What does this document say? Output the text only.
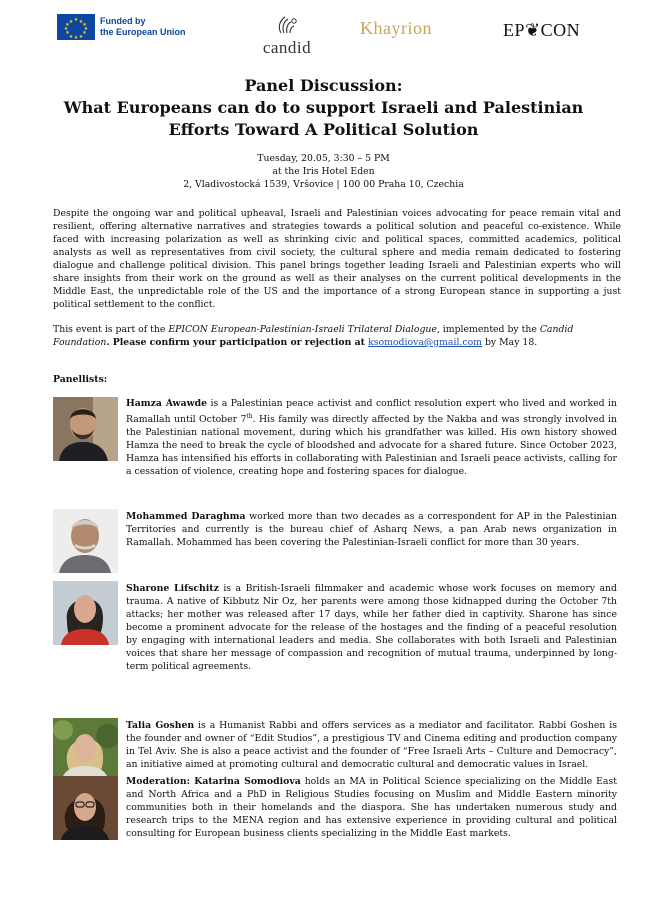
★ ★
★
★
★
★
★
★
★
★
★
★	Funded by
the European Union
candid
Khayrion	EP❦CON
Panel Discussion:
What Europeans can do to support Israeli and Palestinian
Efforts Toward A Political Solution
Tuesday, 20.05, 3:30 – 5 PM
at the Iris Hotel Eden
2, Vladivostocká 1539, Vršovice | 100 00 Praha 10, Czechia

Despite the ongoing war and political upheaval, Israeli and Palestinian voices advocating for peace remain vital and resilient, offering alternative narratives and strategies towards a political solution and peaceful co-existence. While faced with increasing polarization as well as shrinking civic and political spaces, committed academics, political analysts as well as representatives from civil society, the cultural sphere and media remain dedicated to fostering dialogue and challenge political division. This panel brings together leading Israeli and Palestinian experts who will share insights from their work on the ground as well as their analyses on the current political developments in the Middle East, the unpredictable role of the US and the importance of a strong European stance in supporting a just political settlement to the conflict.

This event is part of the EPICON European-Palestinian-Israeli Trilateral Dialogue, implemented by the Candid Foundation. Please confirm your participation or rejection at ksomodiova@gmail.com by May 18.

Panellists:

Hamza Awawde is a Palestinian peace activist and conflict resolution expert who lived and worked in Ramallah until October 7th. His family was directly affected by the Nakba and was strongly involved in the Palestinian national movement, during which his grandfather was killed. His own history showed Hamza the need to break the cycle of bloodshed and advocate for a shared future. Since October 2023, Hamza has intensified his efforts in collaborating with Palestinian and Israeli peace activists, calling for a cessation of violence, creating hope and fostering spaces for dialogue.

Mohammed Daraghma worked more than two decades as a correspondent for AP in the Palestinian Territories and currently is the bureau chief of Asharq News, a pan Arab news organization in Ramallah. Mohammed has been covering the Palestinian-Israeli conflict for more than 30 years.

Sharone Lifschitz is a British-Israeli filmmaker and academic whose work focuses on memory and trauma. A native of Kibbutz Nir Oz, her parents were among those kidnapped during the October 7th attacks; her mother was released after 17 days, while her father died in captivity. Sharone has since become a prominent advocate for the release of the hostages and the finding of a peaceful resolution by engaging with international leaders and media. She collaborates with both Israeli and Palestinian voices that share her message of compassion and recognition of mutual trauma, underpinned by long-term political agreements.

Talia Goshen is a Humanist Rabbi and offers services as a mediator and facilitator. Rabbi Goshen is the founder and owner of “Edit Studios”, a prestigious TV and Cinema editing and production company in Tel Aviv. She is also a peace activist and the founder of “Free Israeli Arts – Culture and Democracy”, an initiative aimed at promoting cultural and democratic cultural and democratic values in Israel.

Moderation: Katarina Somodiova holds an MA in Political Science specializing on the Middle East and North Africa and a PhD in Religious Studies focusing on Muslim and Middle Eastern minority communities both in their homelands and the diaspora. She has undertaken numerous study and research trips to the MENA region and has extensive experience in providing cultural and political consulting for European business clients specializing in the Middle East markets.
